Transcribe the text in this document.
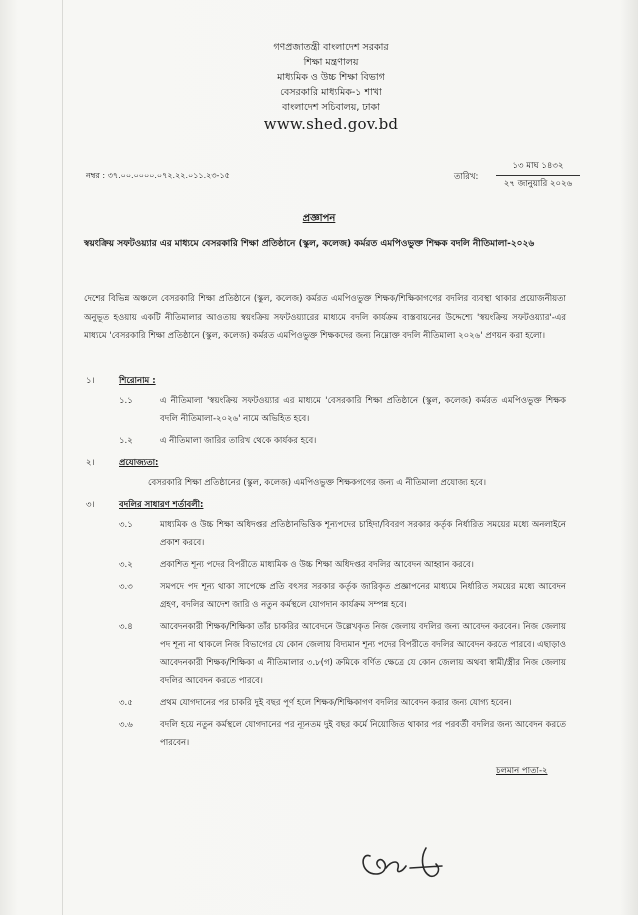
গণপ্রজাতন্ত্রী বাংলাদেশ সরকার
শিক্ষা মন্ত্রণালয়
মাধ্যমিক ও উচ্চ শিক্ষা বিভাগ
বেসরকারি মাধ্যমিক-১ শাখা
বাংলাদেশ সচিবালয়, ঢাকা
www.shed.gov.bd
নম্বর : ৩৭.০০.০০০০.০৭২.২২.০১১.২৩-১৫	তারিখ:
১৩ মাঘ ১৪৩২
২৭ জানুয়ারি ২০২৬
প্রজ্ঞাপন
স্বয়ংক্রিয় সফটওয়্যার এর মাধ্যমে বেসরকারি শিক্ষা প্রতিষ্ঠানে (স্কুল, কলেজ) কর্মরত এমপিওভুক্ত শিক্ষক বদলি নীতিমালা-২০২৬
দেশের বিভিন্ন অঞ্চলে বেসরকারি শিক্ষা প্রতিষ্ঠানে (স্কুল, কলেজ) কর্মরত এমপিওভুক্ত শিক্ষক/শিক্ষিকাগণের বদলির ব্যবস্থা থাকার প্রয়োজনীয়তা অনুভূত হওয়ায় একটি নীতিমালার আওতায় স্বয়ংক্রিয় সফটওয়্যারের মাধ্যমে বদলি কার্যক্রম বাস্তবায়নের উদ্দেশ্যে 'স্বয়ংক্রিয় সফটওয়্যার'-এর মাধ্যমে 'বেসরকারি শিক্ষা প্রতিষ্ঠানে (স্কুল, কলেজ) কর্মরত এমপিওভুক্ত শিক্ষকদের জন্য নিম্নোক্ত বদলি নীতিমালা ২০২৬' প্রণয়ন করা হলো।
১।	শিরোনাম :
১.১	এ নীতিমালা 'স্বয়ংক্রিয় সফটওয়্যার এর মাধ্যমে 'বেসরকারি শিক্ষা প্রতিষ্ঠানে (স্কুল, কলেজ) কর্মরত এমপিওভুক্ত শিক্ষক বদলি নীতিমালা-২০২৬' নামে অভিহিত হবে।
১.২	এ নীতিমালা জারির তারিখ থেকে কার্যকর হবে।
২।	প্রযোজ্যতা:
বেসরকারি শিক্ষা প্রতিষ্ঠানের (স্কুল, কলেজ) এমপিওভুক্ত শিক্ষকগণের জন্য এ নীতিমালা প্রযোজ্য হবে।
৩।	বদলির সাধারণ শর্তাবলী:
৩.১	মাধ্যমিক ও উচ্চ শিক্ষা অধিদপ্তর প্রতিষ্ঠানভিত্তিক শূন্যপদের চাহিদা/বিবরণ সরকার কর্তৃক নির্ধারিত সময়ের মধ্যে অনলাইনে প্রকাশ করবে।
৩.২	প্রকাশিত শূন্য পদের বিপরীতে মাধ্যমিক ও উচ্চ শিক্ষা অধিদপ্তর বদলির আবেদন আহ্বান করবে।
৩.৩	সমপদে পদ শূন্য থাকা সাপেক্ষে প্রতি বৎসর সরকার কর্তৃক জারিকৃত প্রজ্ঞাপনের মাধ্যমে নির্ধারিত সময়ের মধ্যে আবেদন গ্রহণ, বদলির আদেশ জারি ও নতুন কর্মস্থলে যোগদান কার্যক্রম সম্পন্ন হবে।
৩.৪	আবেদনকারী শিক্ষক/শিক্ষিকা তাঁর চাকরির আবেদনে উল্লেখকৃত নিজ জেলায় বদলির জন্য আবেদন করবেন। নিজ জেলায় পদ শূন্য না থাকলে নিজ বিভাগের যে কোন জেলায় বিদ্যমান শূন্য পদের বিপরীতে বদলির আবেদন করতে পারবে। এছাড়াও আবেদনকারী শিক্ষক/শিক্ষিকা এ নীতিমালার ৩.৮(গ) ক্রমিকে বর্ণিত ক্ষেত্রে যে কোন জেলায় অথবা স্বামী/স্ত্রীর নিজ জেলায় বদলির আবেদন করতে পারবে।
৩.৫	প্রথম যোগদানের পর চাকরি দুই বছর পূর্ণ হলে শিক্ষক/শিক্ষিকাগণ বদলির আবেদন করার জন্য যোগ্য হবেন।
৩.৬	বদলি হয়ে নতুন কর্মস্থলে যোগদানের পর ন্যূনতম দুই বছর কর্মে নিয়োজিত থাকার পর পরবর্তী বদলির জন্য আবেদন করতে পারবেন।
চলমান পাতা-২
